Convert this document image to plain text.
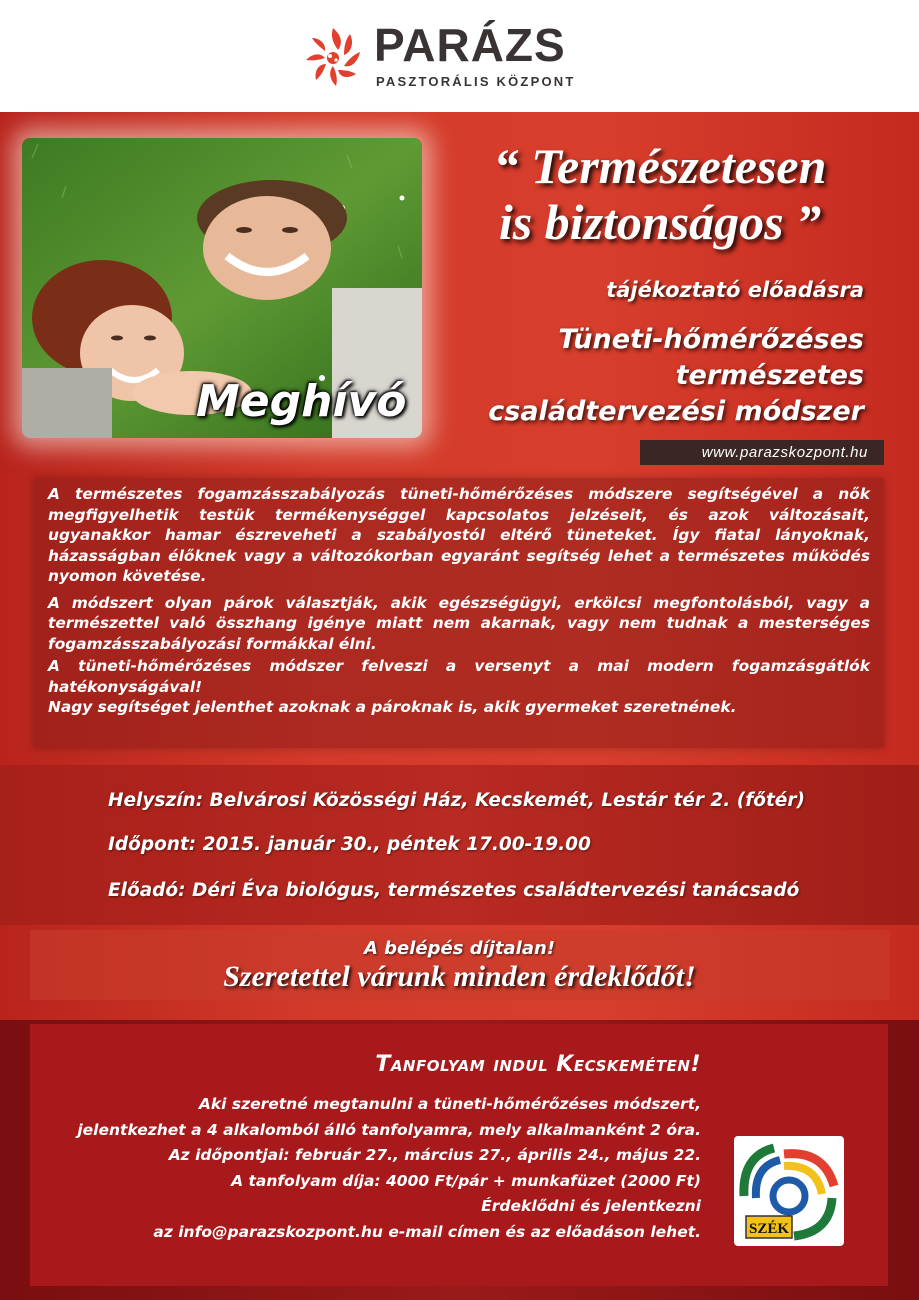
PARÁZS
PASZTORÁLIS KÖZPONT
Meghívó
“ Természetesen
is biztonságos ”
tájékoztató előadásra
Tüneti-hőmérőzéses
természetes
családtervezési módszer
www.parazskozpont.hu

A természetes fogamzásszabályozás tüneti-hőmérőzéses módszere segítségével a nők megfigyelhetik testük termékenységgel kapcsolatos jelzéseit, és azok változásait, ugyanakkor hamar észreveheti a szabályostól eltérő tüneteket. Így fiatal lányoknak, házasságban élőknek vagy a változókorban egyaránt segítség lehet a természetes működés nyomon követése.

A módszert olyan párok választják, akik egészségügyi, erkölcsi megfontolásból, vagy a természettel való összhang igénye miatt nem akarnak, vagy nem tudnak a mesterséges fogamzásszabályozási formákkal élni.

A tüneti-hőmérőzéses módszer felveszi a versenyt a mai modern fogamzásgátlók hatékonyságával!

Nagy segítséget jelenthet azoknak a pároknak is, akik gyermeket szeretnének.

Helyszín: Belvárosi Közösségi Ház, Kecskemét, Lestár tér 2. (főtér)
Időpont: 2015. január 30., péntek 17.00-19.00
Előadó: Déri Éva biológus, természetes családtervezési tanácsadó
A belépés díjtalan!
Szeretettel várunk minden érdeklődőt!
Tanfolyam indul Kecskeméten!
Aki szeretné megtanulni a tüneti-hőmérőzéses módszert,
jelentkezhet a 4 alkalomból álló tanfolyamra, mely alkalmanként 2 óra.
Az időpontjai: február 27., március 27., április 24., május 22.
A tanfolyam díja: 4000 Ft/pár + munkafüzet (2000 Ft)
Érdeklődni és jelentkezni
az info@parazskozpont.hu e-mail címen és az előadáson lehet.	SZÉK
